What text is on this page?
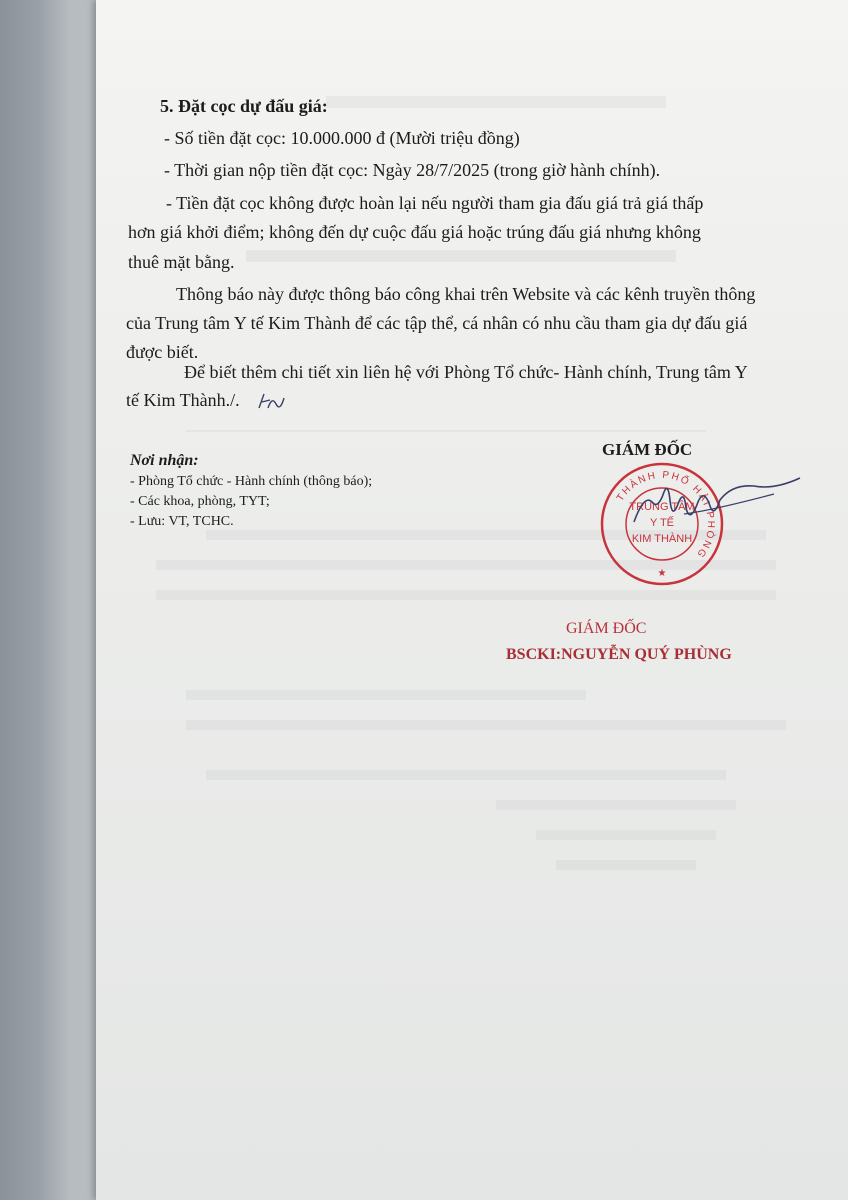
5. Đặt cọc dự đấu giá:
- Số tiền đặt cọc: 10.000.000 đ (Mười triệu đồng)
- Thời gian nộp tiền đặt cọc: Ngày 28/7/2025 (trong giờ hành chính).
- Tiền đặt cọc không được hoàn lại nếu người tham gia đấu giá trả giá thấp
hơn giá khởi điểm; không đến dự cuộc đấu giá hoặc trúng đấu giá nhưng không
thuê mặt bằng.
Thông báo này được thông báo công khai trên Website và các kênh truyền thông
của Trung tâm Y tế Kim Thành để các tập thể, cá nhân có nhu cầu tham gia dự đấu giá
được biết.
Để biết thêm chi tiết xin liên hệ với Phòng Tổ chức- Hành chính, Trung tâm Y
tế Kim Thành./.
Nơi nhận:
- Phòng Tổ chức - Hành chính (thông báo);
- Các khoa, phòng, TYT;
- Lưu: VT, TCHC.
GIÁM ĐỐC
THÀNH PHỐ HẢI PHÒNG
TRUNG TÂM
Y TẾ
KIM THÀNH
★
GIÁM ĐỐC
BSCKI:NGUYỄN QUÝ PHÙNG
